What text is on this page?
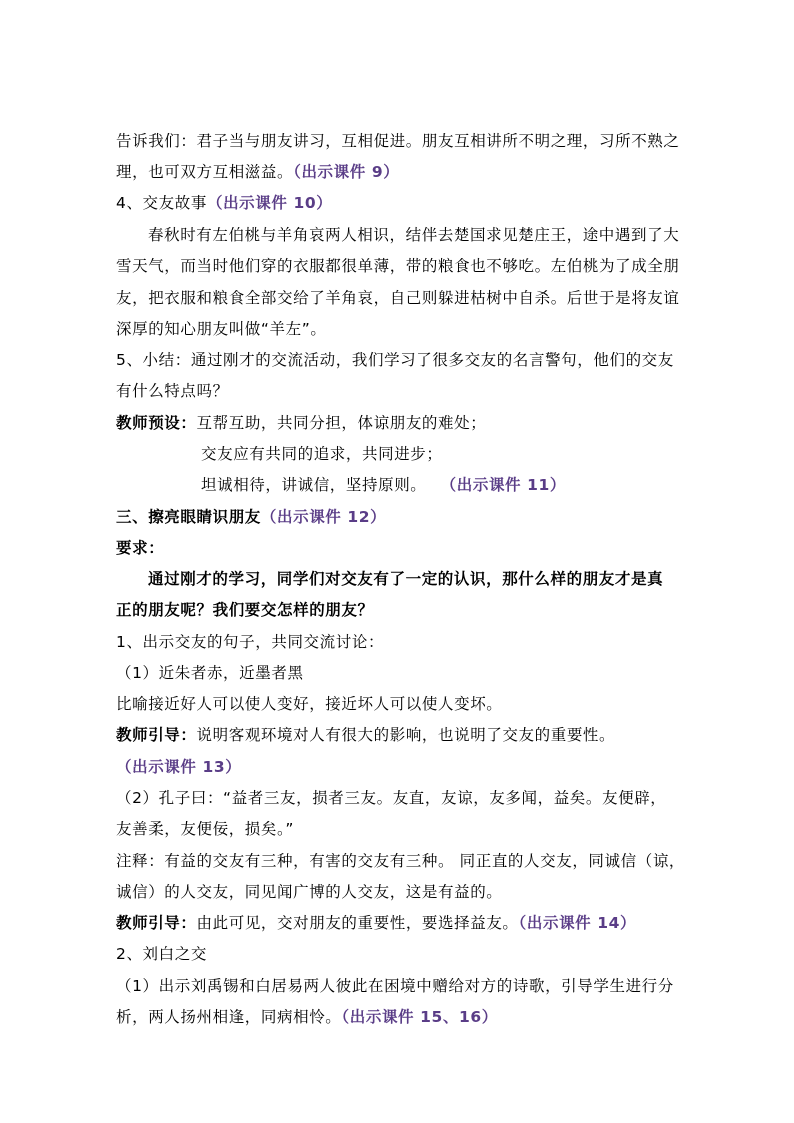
告诉我们：君子当与朋友讲习，互相促进。朋友互相讲所不明之理，习所不熟之
理，也可双方互相滋益。（出示课件 9）
4、交友故事（出示课件 10）
春秋时有左伯桃与羊角哀两人相识，结伴去楚国求见楚庄王，途中遇到了大
雪天气，而当时他们穿的衣服都很单薄，带的粮食也不够吃。左伯桃为了成全朋
友，把衣服和粮食全部交给了羊角哀，自己则躲进枯树中自杀。后世于是将友谊
深厚的知心朋友叫做“羊左”。
5、小结：通过刚才的交流活动，我们学习了很多交友的名言警句，他们的交友
有什么特点吗？
教师预设：互帮互助，共同分担，体谅朋友的难处；
交友应有共同的追求，共同进步；
坦诚相待，讲诚信，坚持原则。 （出示课件 11）
三、擦亮眼睛识朋友（出示课件 12）
要求：
通过刚才的学习，同学们对交友有了一定的认识，那什么样的朋友才是真
正的朋友呢？我们要交怎样的朋友？
1、出示交友的句子，共同交流讨论：
（1）近朱者赤，近墨者黑
比喻接近好人可以使人变好，接近坏人可以使人变坏。
教师引导：说明客观环境对人有很大的影响，也说明了交友的重要性。
（出示课件 13）
（2）孔子曰：“益者三友，损者三友。友直，友谅，友多闻，益矣。友便辟，
友善柔，友便佞，损矣。”
注释：有益的交友有三种，有害的交友有三种。 同正直的人交友，同诚信（谅，
诚信）的人交友，同见闻广博的人交友，这是有益的。
教师引导：由此可见，交对朋友的重要性，要选择益友。（出示课件 14）
2、刘白之交
（1）出示刘禹锡和白居易两人彼此在困境中赠给对方的诗歌，引导学生进行分
析，两人扬州相逢，同病相怜。（出示课件 15、16）
